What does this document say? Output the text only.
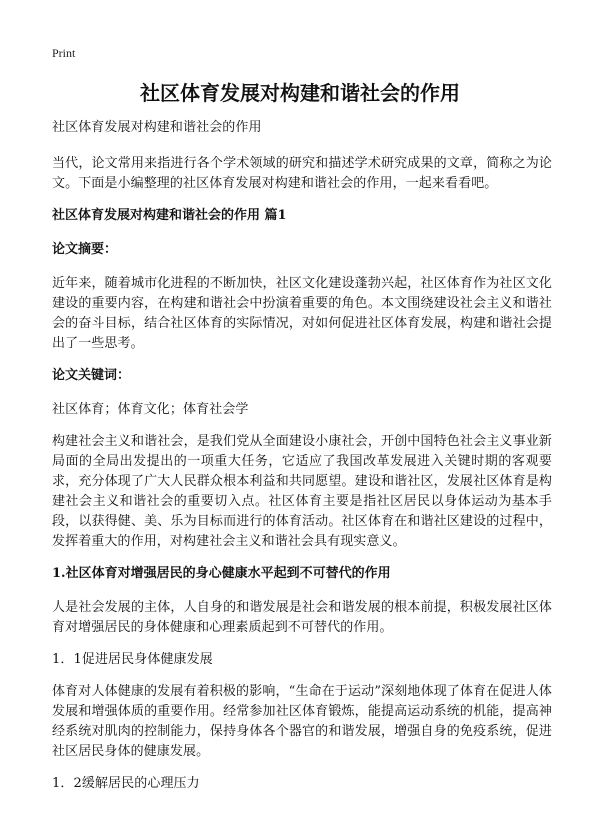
Print
社区体育发展对构建和谐社会的作用

社区体育发展对构建和谐社会的作用

当代，论文常用来指进行各个学术领域的研究和描述学术研究成果的文章，简称之为论文。下面是小编整理的社区体育发展对构建和谐社会的作用，一起来看看吧。

社区体育发展对构建和谐社会的作用 篇1

论文摘要：

近年来，随着城市化进程的不断加快，社区文化建设蓬勃兴起，社区体育作为社区文化建设的重要内容，在构建和谐社会中扮演着重要的角色。本文围绕建设社会主义和谐社会的奋斗目标，结合社区体育的实际情况，对如何促进社区体育发展，构建和谐社会提出了一些思考。

论文关键词：

社区体育；体育文化；体育社会学

构建社会主义和谐社会，是我们党从全面建设小康社会，开创中国特色社会主义事业新局面的全局出发提出的一项重大任务，它适应了我国改革发展进入关键时期的客观要求，充分体现了广大人民群众根本利益和共同愿望。建设和谐社区，发展社区体育是构建社会主义和谐社会的重要切入点。社区体育主要是指社区居民以身体运动为基本手段，以获得健、美、乐为目标而进行的体育活动。社区体育在和谐社区建设的过程中，发挥着重大的作用，对构建社会主义和谐社会具有现实意义。

1.社区体育对增强居民的身心健康水平起到不可替代的作用

人是社会发展的主体，人自身的和谐发展是社会和谐发展的根本前提，积极发展社区体育对增强居民的身体健康和心理素质起到不可替代的作用。

1．1促进居民身体健康发展

体育对人体健康的发展有着积极的影响，“生命在于运动”深刻地体现了体育在促进人体发展和增强体质的重要作用。经常参加社区体育锻炼，能提高运动系统的机能，提高神经系统对肌肉的控制能力，保持身体各个器官的和谐发展，增强自身的免疫系统，促进社区居民身体的健康发展。

1．2缓解居民的心理压力
